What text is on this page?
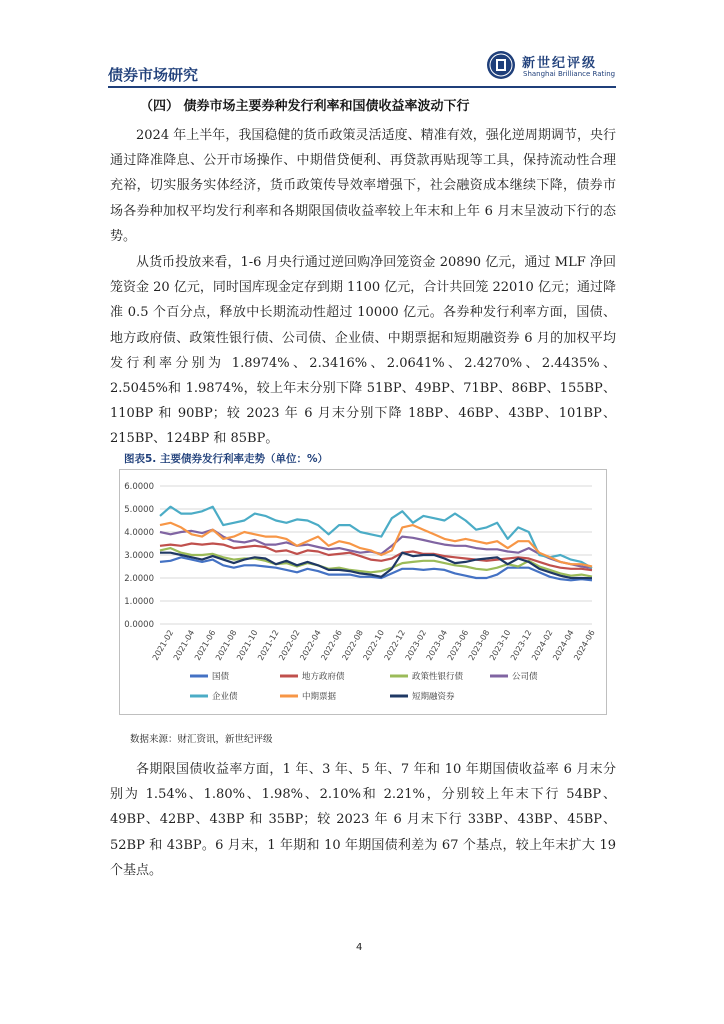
债券市场研究
新世纪评级
Shanghai Brilliance Rating
（四） 债券市场主要券种发行利率和国债收益率波动下行

2024 年上半年，我国稳健的货币政策灵活适度、精准有效，强化逆周期调节，央行通过降准降息、公开市场操作、中期借贷便利、再贷款再贴现等工具，保持流动性合理充裕，切实服务实体经济，货币政策传导效率增强下，社会融资成本继续下降，债券市场各券种加权平均发行利率和各期限国债收益率较上年末和上年 6 月末呈波动下行的态势。

从货币投放来看，1-6 月央行通过逆回购净回笼资金 20890 亿元，通过 MLF 净回笼资金 20 亿元，同时国库现金定存到期 1100 亿元，合计共回笼 22010 亿元；通过降准 0.5 个百分点，释放中长期流动性超过 10000 亿元。各券种发行利率方面，国债、地方政府债、政策性银行债、公司债、企业债、中期票据和短期融资券 6 月的加权平均发行利率分别为 1.8974%、2.3416%、2.0641%、2.4270%、2.4435%、2.5045%和 1.9874%，较上年末分别下降 51BP、49BP、71BP、86BP、155BP、110BP 和 90BP；较 2023 年 6 月末分别下降 18BP、46BP、43BP、101BP、215BP、124BP 和 85BP。

图表5. 主要债券发行利率走势（单位：%）
0.0000
1.0000
2.0000
3.0000
4.0000
5.0000
6.0000
2021-02
2021-04
2021-06
2021-08
2021-10
2021-12
2022-02
2022-04
2022-06
2022-08
2022-10
2022-12
2023-02
2023-04
2023-06
2023-08
2023-10
2023-12
2024-02
2024-04
2024-06
国债	地方政府债	政策性银行债	公司债
企业债	中期票据	短期融资券
数据来源：财汇资讯，新世纪评级

各期限国债收益率方面，1 年、3 年、5 年、7 年和 10 年期国债收益率 6 月末分别为 1.54%、1.80%、1.98%、2.10%和 2.21%，分别较上年末下行 54BP、49BP、42BP、43BP 和 35BP；较 2023 年 6 月末下行 33BP、43BP、45BP、52BP 和 43BP。6 月末，1 年期和 10 年期国债利差为 67 个基点，较上年末扩大 19 个基点。

4
